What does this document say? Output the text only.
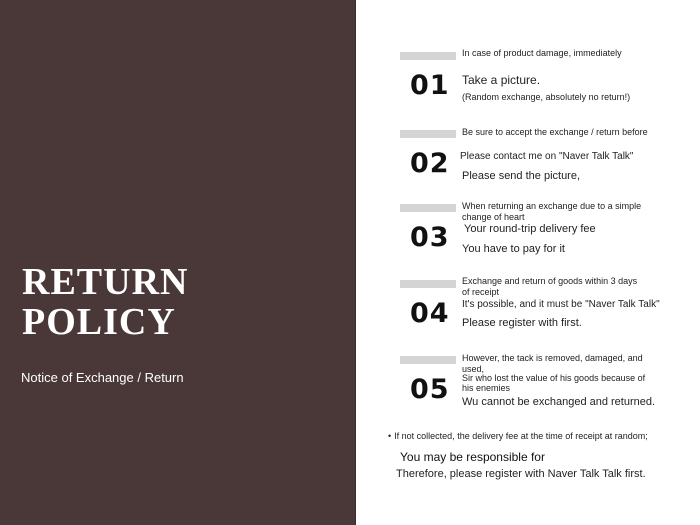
RETURN
POLICY
Notice of Exchange / Return
01
In case of product damage, immediately
Take a picture.
(Random exchange, absolutely no return!)
02
Be sure to accept the exchange / return before
Please contact me on "Naver Talk Talk"
Please send the picture,
03
When returning an exchange due to a simple change of heart
Your round-trip delivery fee
You have to pay for it
04
Exchange and return of goods within 3 days of receipt
It's possible, and it must be "Naver Talk Talk"
Please register with first.
05
However, the tack is removed, damaged, and used,
Sir who lost the value of his goods because of his enemies
Wu cannot be exchanged and returned.
• If not collected, the delivery fee at the time of receipt at random;
You may be responsible for
Therefore, please register with Naver Talk Talk first.
